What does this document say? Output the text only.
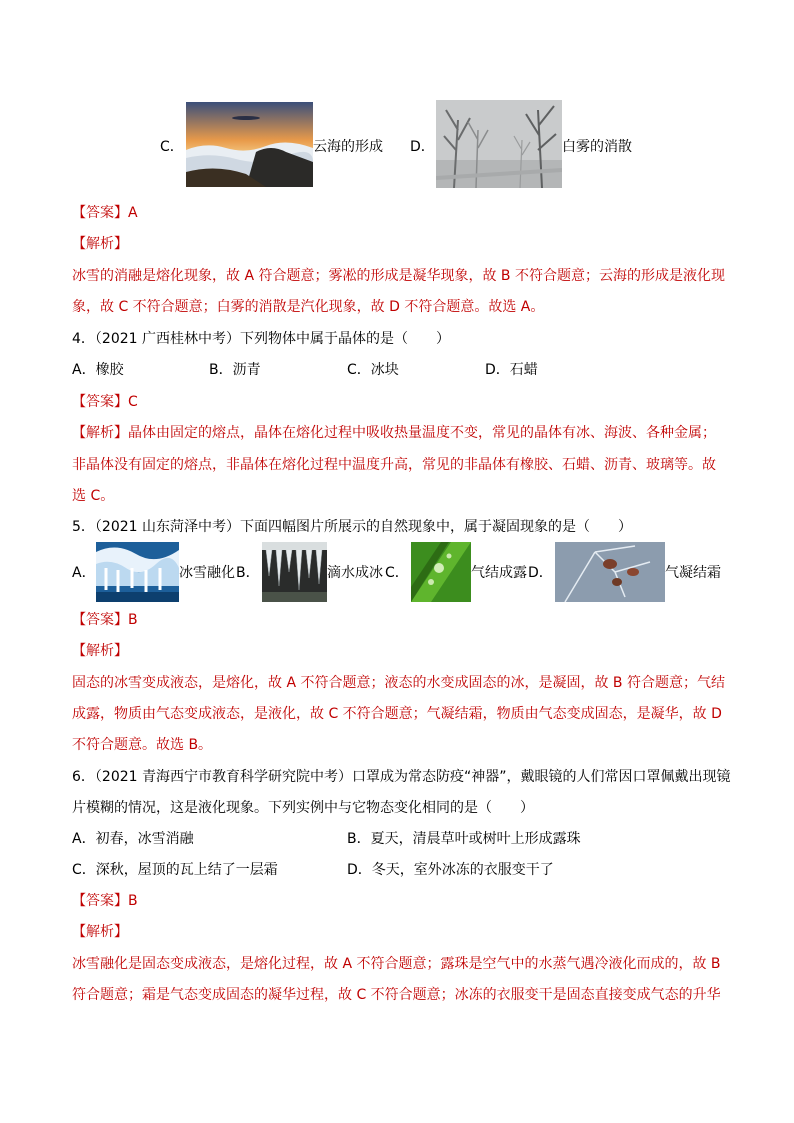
C．	云海的形成 D．	白雾的消散
【答案】A
【解析】
冰雪的消融是熔化现象，故 A 符合题意；雾凇的形成是凝华现象，故 B 不符合题意；云海的形成是液化现
象，故 C 不符合题意；白雾的消散是汽化现象，故 D 不符合题意。故选 A。
4．（2021 广西桂林中考）下列物体中属于晶体的是（　　）
A．橡胶	B．沥青	C．冰块	D．石蜡
【答案】C
【解析】晶体由固定的熔点，晶体在熔化过程中吸收热量温度不变，常见的晶体有冰、海波、各种金属；
非晶体没有固定的熔点，非晶体在熔化过程中温度升高，常见的非晶体有橡胶、石蜡、沥青、玻璃等。故
选 C。
5．（2021 山东菏泽中考）下面四幅图片所展示的自然现象中，属于凝固现象的是（　　）
A．	冰雪融化 B．	滴水成冰 C．	气结成露 D．	气凝结霜
【答案】B
【解析】
固态的冰雪变成液态，是熔化，故 A 不符合题意；液态的水变成固态的冰，是凝固，故 B 符合题意；气结
成露，物质由气态变成液态，是液化，故 C 不符合题意；气凝结霜，物质由气态变成固态，是凝华，故 D
不符合题意。故选 B。
6．（2021 青海西宁市教育科学研究院中考）口罩成为常态防疫“神器”，戴眼镜的人们常因口罩佩戴出现镜
片模糊的情况，这是液化现象。下列实例中与它物态变化相同的是（　　）
A．初春，冰雪消融	B．夏天，清晨草叶或树叶上形成露珠
C．深秋，屋顶的瓦上结了一层霜	D．冬天，室外冰冻的衣服变干了
【答案】B
【解析】
冰雪融化是固态变成液态，是熔化过程，故 A 不符合题意；露珠是空气中的水蒸气遇冷液化而成的，故 B
符合题意；霜是气态变成固态的凝华过程，故 C 不符合题意；冰冻的衣服变干是固态直接变成气态的升华
